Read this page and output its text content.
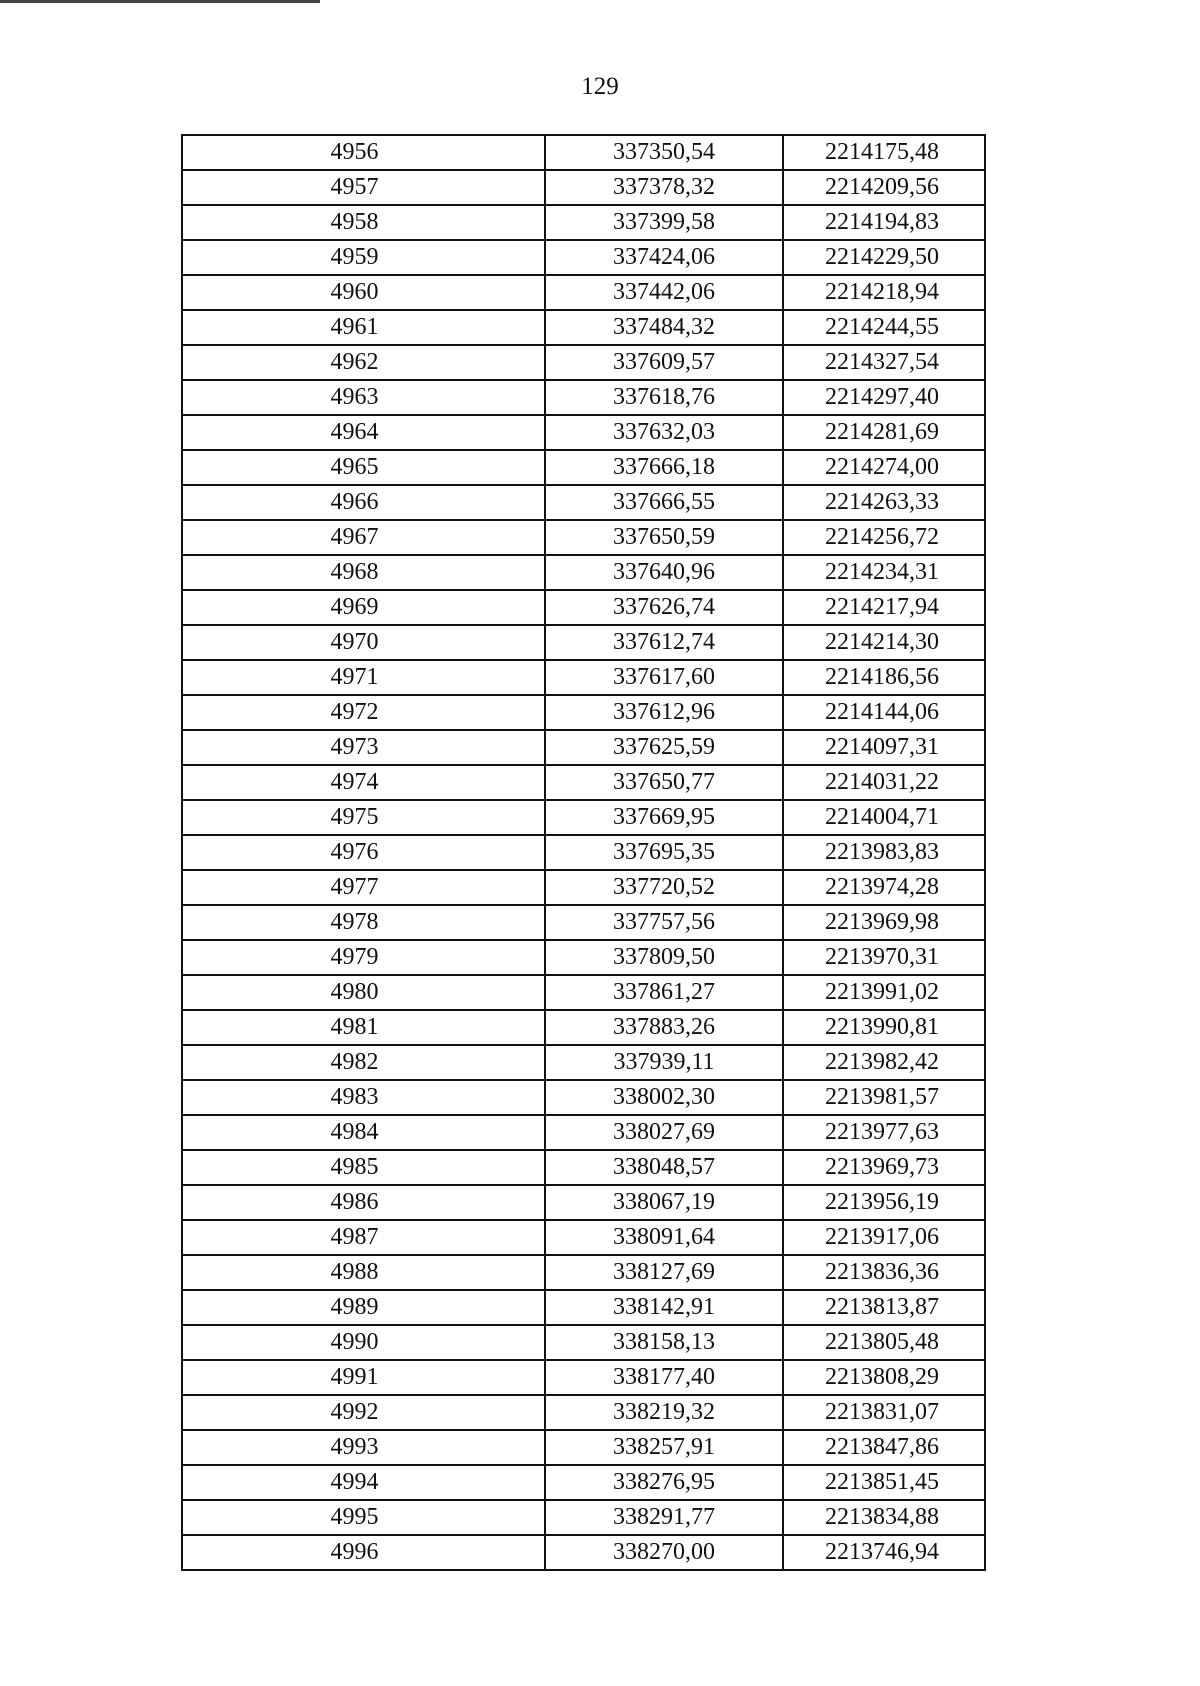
129
4956	337350,54	2214175,48
4957	337378,32	2214209,56
4958	337399,58	2214194,83
4959	337424,06	2214229,50
4960	337442,06	2214218,94
4961	337484,32	2214244,55
4962	337609,57	2214327,54
4963	337618,76	2214297,40
4964	337632,03	2214281,69
4965	337666,18	2214274,00
4966	337666,55	2214263,33
4967	337650,59	2214256,72
4968	337640,96	2214234,31
4969	337626,74	2214217,94
4970	337612,74	2214214,30
4971	337617,60	2214186,56
4972	337612,96	2214144,06
4973	337625,59	2214097,31
4974	337650,77	2214031,22
4975	337669,95	2214004,71
4976	337695,35	2213983,83
4977	337720,52	2213974,28
4978	337757,56	2213969,98
4979	337809,50	2213970,31
4980	337861,27	2213991,02
4981	337883,26	2213990,81
4982	337939,11	2213982,42
4983	338002,30	2213981,57
4984	338027,69	2213977,63
4985	338048,57	2213969,73
4986	338067,19	2213956,19
4987	338091,64	2213917,06
4988	338127,69	2213836,36
4989	338142,91	2213813,87
4990	338158,13	2213805,48
4991	338177,40	2213808,29
4992	338219,32	2213831,07
4993	338257,91	2213847,86
4994	338276,95	2213851,45
4995	338291,77	2213834,88
4996	338270,00	2213746,94
